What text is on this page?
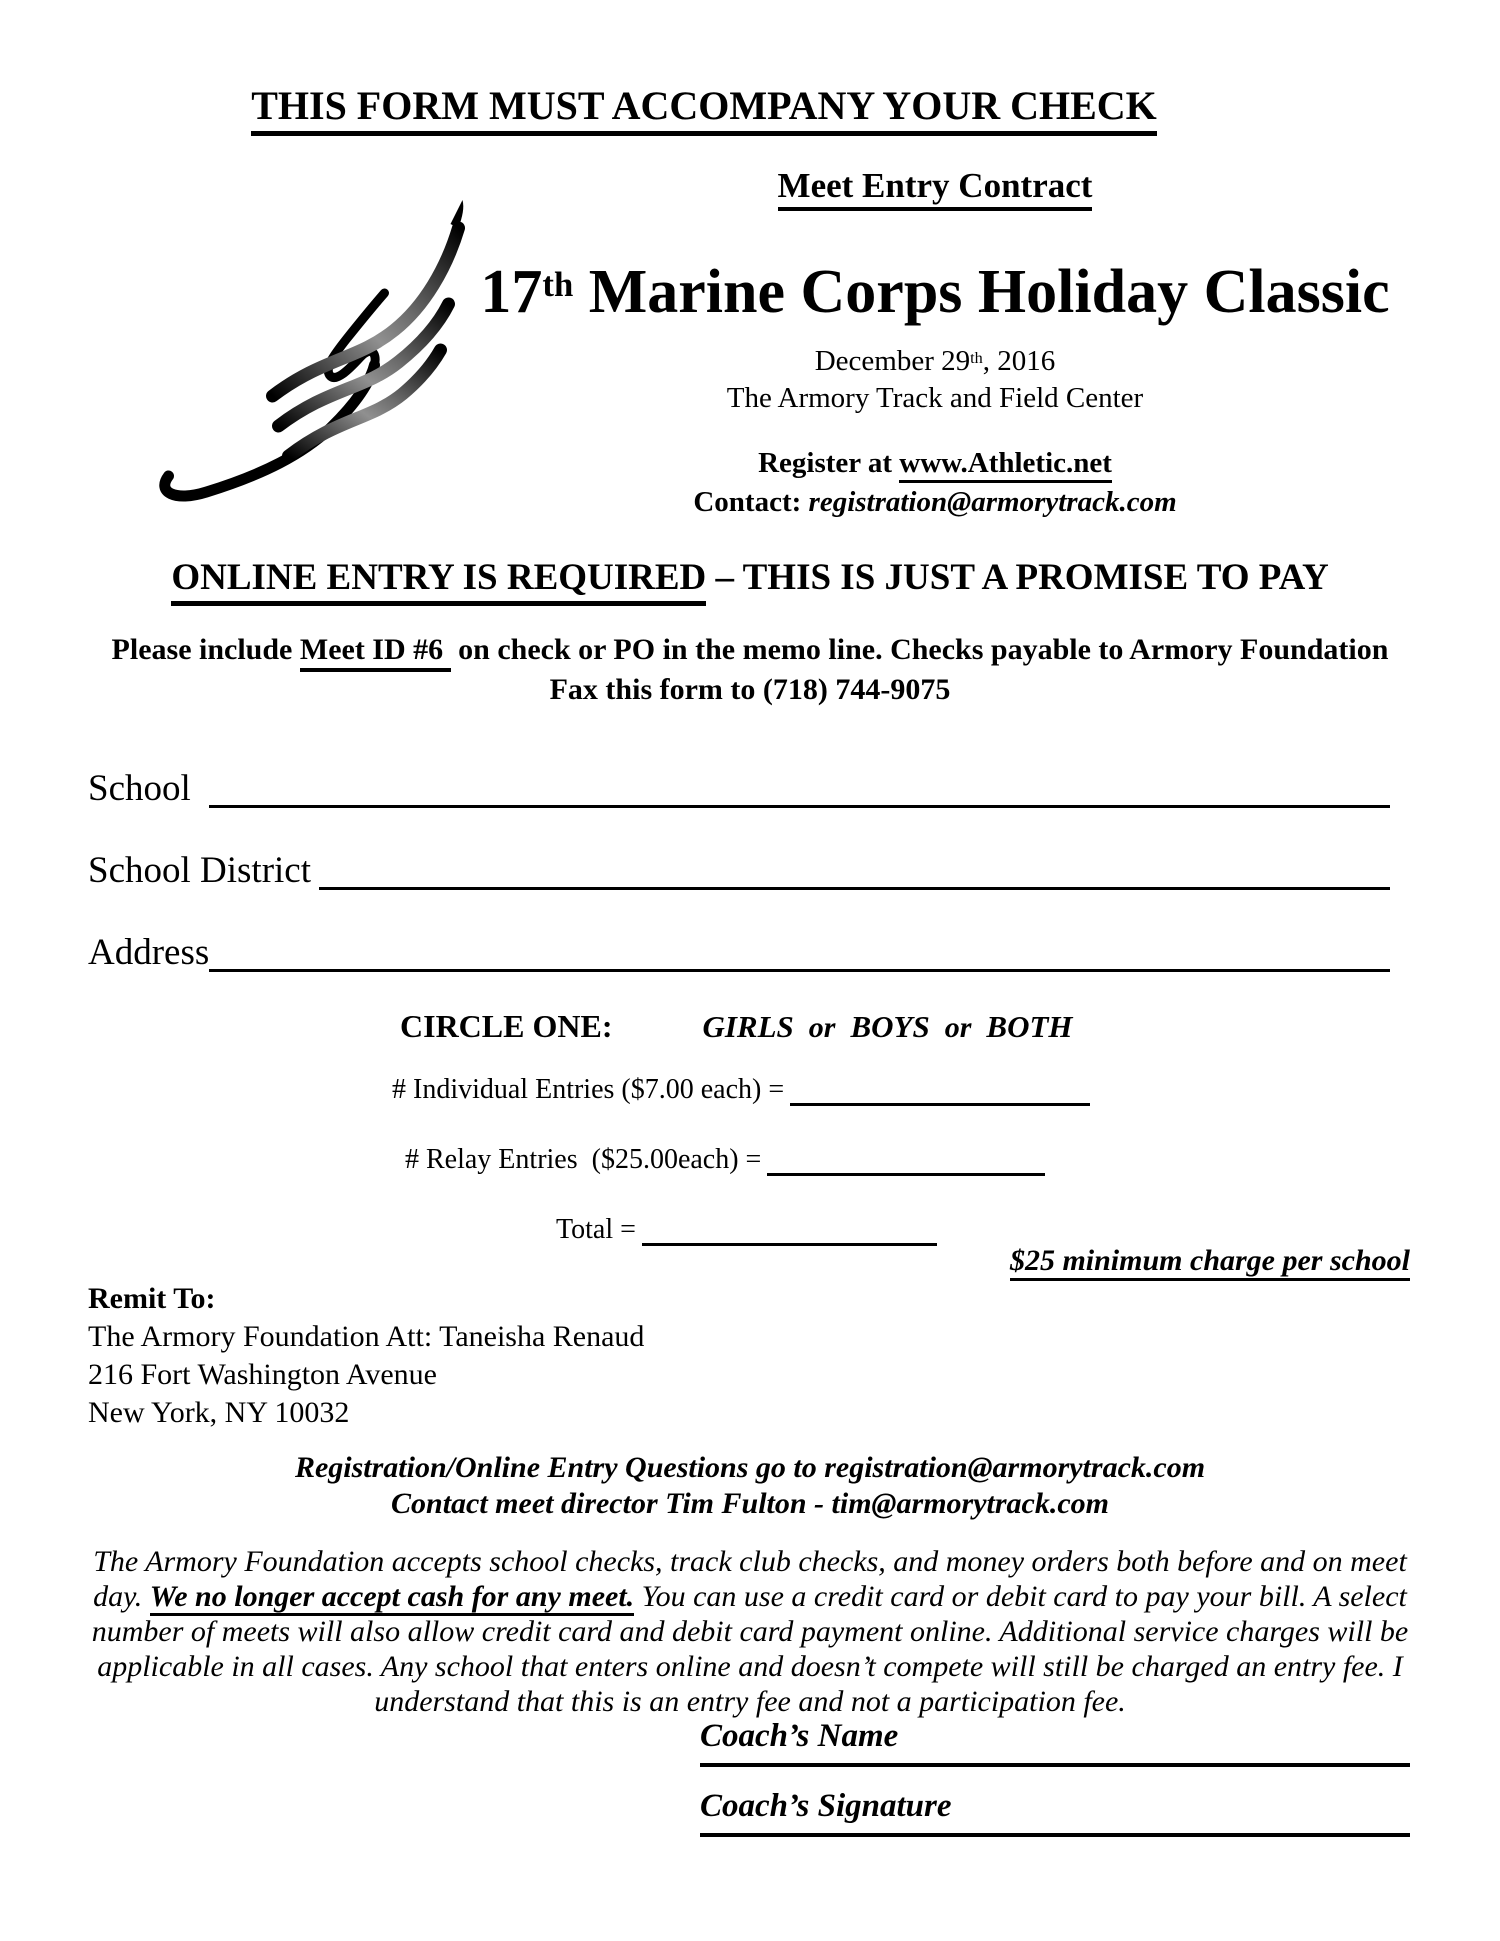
THIS FORM MUST ACCOMPANY YOUR CHECK
Meet Entry Contract
17th Marine Corps Holiday Classic
December 29th, 2016
The Armory Track and Field Center
Register at www.Athletic.net
Contact: registration@armorytrack.com
ONLINE ENTRY IS REQUIRED – THIS IS JUST A PROMISE TO PAY
Please include Meet ID #6  on check or PO in the memo line. Checks payable to Armory Foundation
Fax this form to (718) 744-9075
School
School District
Address
CIRCLE ONE:	GIRLS or BOYS or BOTH
# Individual Entries ($7.00 each) =
# Relay Entries  ($25.00each) =
Total =
$25 minimum charge per school
Remit To:
The Armory Foundation Att: Taneisha Renaud
216 Fort Washington Avenue
New York, NY 10032
Registration/Online Entry Questions go to registration@armorytrack.com
Contact meet director Tim Fulton - tim@armorytrack.com
The Armory Foundation accepts school checks, track club checks, and money orders both before and on meet day. We no longer accept cash for any meet. You can use a credit card or debit card to pay your bill. A select number of meets will also allow credit card and debit card payment online. Additional service charges will be applicable in all cases. Any school that enters online and doesn’t compete will still be charged an entry fee. I understand that this is an entry fee and not a participation fee.
Coach’s Name
Coach’s Signature
